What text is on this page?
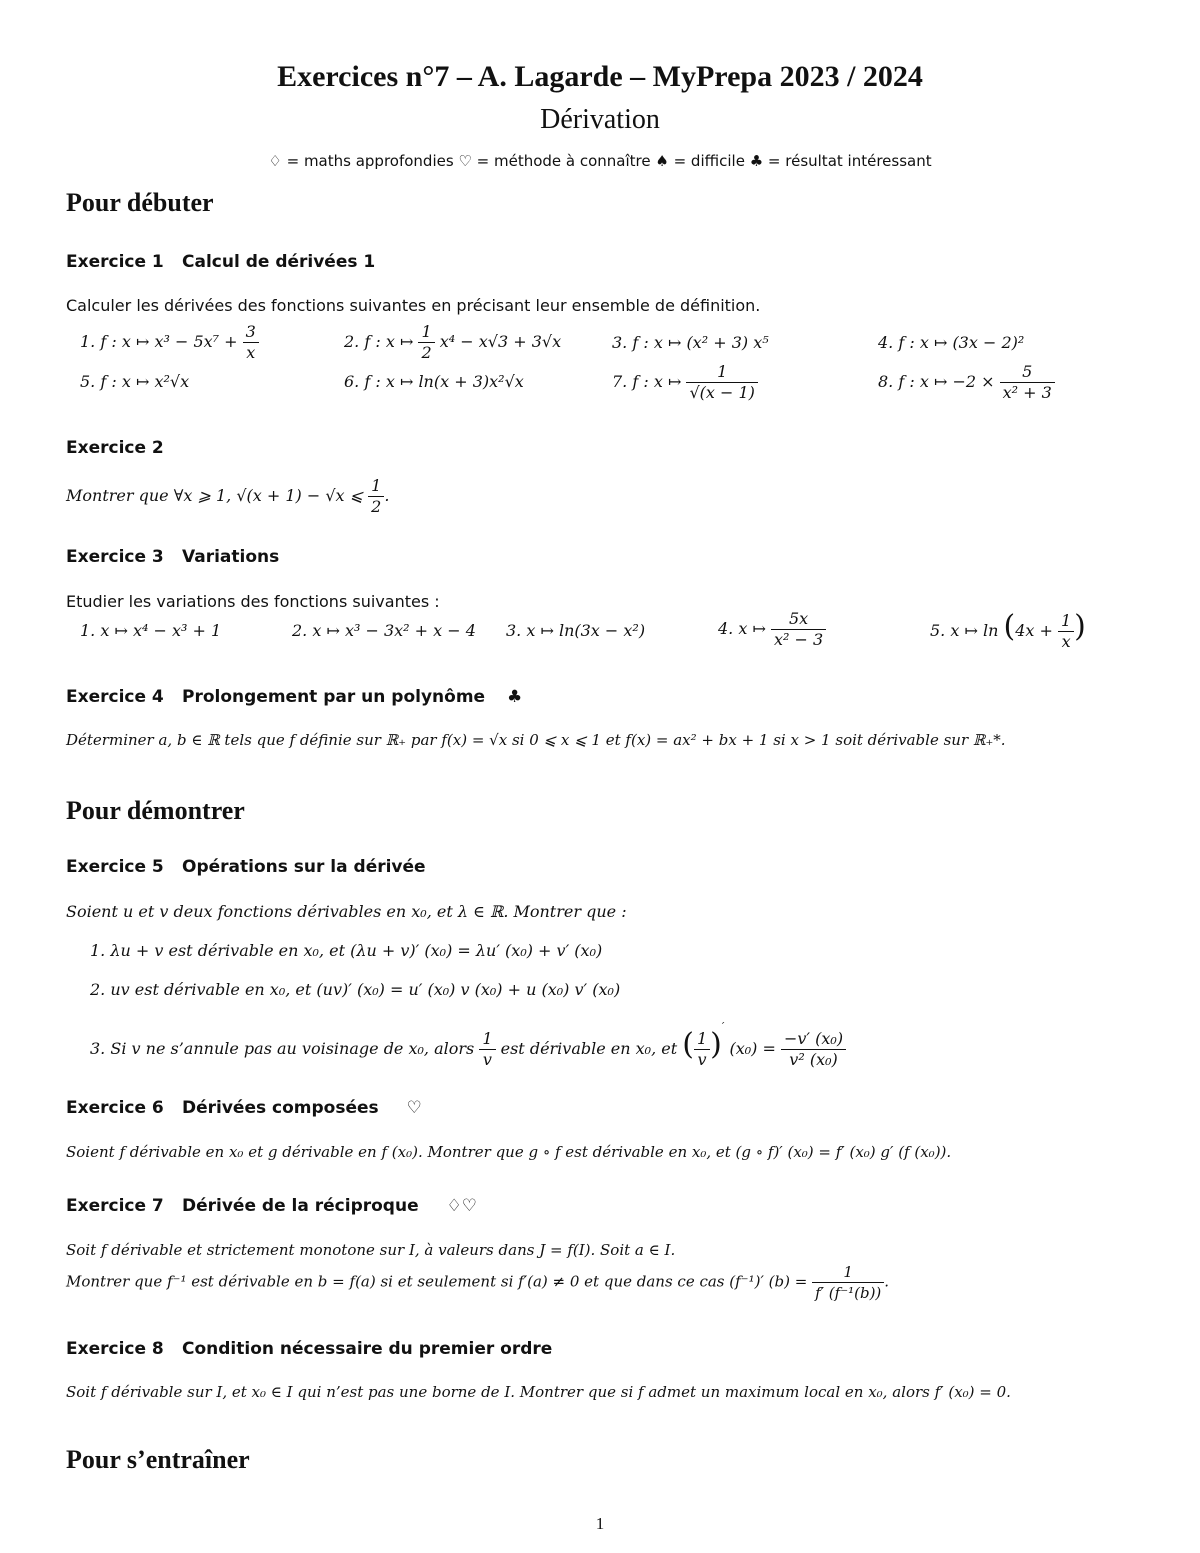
Exercices n°7 – A. Lagarde – MyPrepa 2023 / 2024
Dérivation
♢ = maths approfondies ♡ = méthode à connaître ♠ = difficile ♣ = résultat intéressant
Pour débuter
Exercice 1 Calcul de dérivées 1
Calculer les dérivées des fonctions suivantes en précisant leur ensemble de définition.
1. f : x ↦ $x^3 - 5x^7 + \frac{3}{x}$	2. f : x ↦ $\frac{1}{2} x^4 - x√3 + 3√x$	3. f : x ↦ (x² + 3) x⁵	4. f : x ↦ (3x − 2)²
5. f : x ↦ x²√x	6. f : x ↦ ln(x + 3)x²√x	7. f : x ↦ $\frac{1}{√(x - 1)}$	8. f : x ↦ $-2 \times \frac{5}{\text{x² + 3}}$
Exercice 2
Montrer que ∀x ⩾ 1, √(x + 1) − √x ⩽ $\frac{1}{2}$ .
Exercice 3 Variations
Etudier les variations des fonctions suivantes :
1. x ↦ x⁴ − x³ + 1	2. x ↦ x³ − 3x² + x − 4 3. x ↦ ln(3x − x²)	4. x ↦ $\frac{5x}{\text{x² − 3}}$	5. x ↦ $\ln (4x + \frac{1}{x}$ )
Exercice 4 Prolongement par un polynôme ♣
Déterminer a, b ∈ ℝ tels que f définie sur ℝ₊ par f(x) = √x si 0 ⩽ x ⩽ 1 et f(x) = ax² + bx + 1 si x > 1 soit dérivable sur ℝ₊*.
Pour démontrer
Exercice 5 Opérations sur la dérivée
Soient u et v deux fonctions dérivables en x₀, et λ ∈ ℝ. Montrer que :
1. λu + v est dérivable en x₀, et (λu + v)′ (x₀) = λu′ (x₀) + v′ (x₀)
2. uv est dérivable en x₀, et (uv)′ (x₀) = u′ (x₀) v (x₀) + u (x₀) v′ (x₀)
3. Si v ne s’annule pas au voisinage de x₀, alors $\frac{1}{v}$ est dérivable en x₀, et ( $\frac{1}{v} )'$ $(x_0) = \frac{\text{−v′ (x₀)}}{\text{v² (x₀)}}$
Exercice 6 Dérivées composées ♡
Soient f dérivable en x₀ et g dérivable en f (x₀). Montrer que g ∘ f est dérivable en x₀, et (g ∘ f)′ (x₀) = f′ (x₀) g′ (f (x₀)).
Exercice 7 Dérivée de la réciproque ♢♡
Soit f dérivable et strictement monotone sur I, à valeurs dans J = f(I). Soit a ∈ I.
Montrer que f⁻¹ est dérivable en b = f(a) si et seulement si f′(a) ≠ 0 et que dans ce cas (f⁻¹)′ $(b) = \frac{1}{\text{f′ (f⁻¹(b))}}$ .
Exercice 8 Condition nécessaire du premier ordre
Soit f dérivable sur I, et x₀ ∈ I qui n’est pas une borne de I. Montrer que si f admet un maximum local en x₀, alors f′ (x₀) = 0.
Pour s’entraîner
1
